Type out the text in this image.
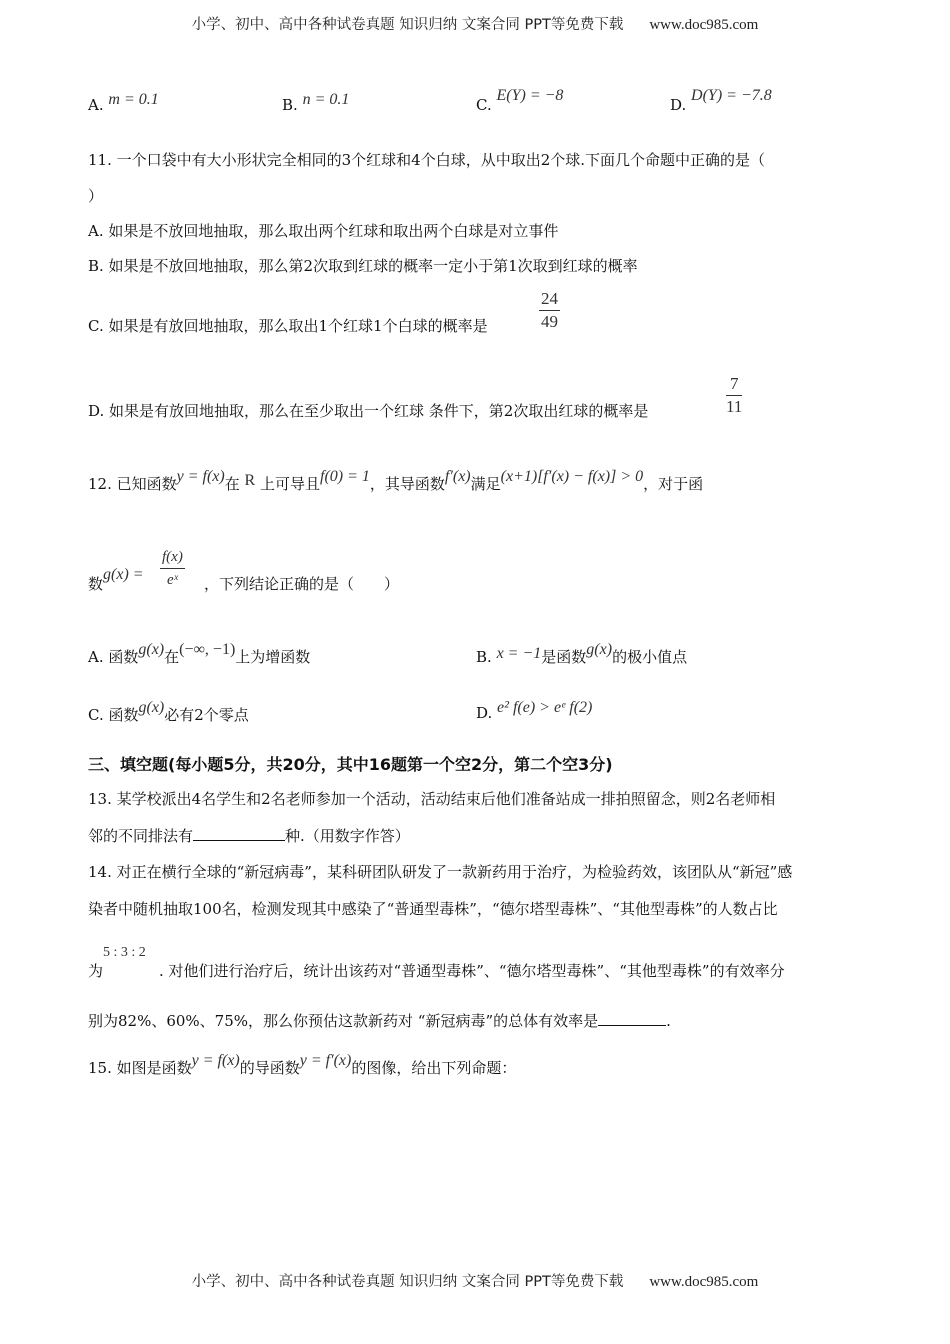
小学、初中、高中各种试卷真题 知识归纳 文案合同 PPT等免费下载 www.doc985.com
A. m = 0.1	B. n = 0.1	C. E(Y) = −8
D. D(Y) = −7.8
11. 一个口袋中有大小形状完全相同的3个红球和4个白球，从中取出2个球.下面几个命题中正确的是（
）
A. 如果是不放回地抽取，那么取出两个红球和取出两个白球是对立事件
B. 如果是不放回地抽取，那么第2次取到红球的概率一定小于第1次取到红球的概率
C. 如果是有放回地抽取，那么取出1个红球1个白球的概率是	$\frac{24}{49}$
D. 如果是有放回地抽取，那么在至少取出一个红球 条件下，第2次取出红球的概率是	$\frac{7}{11}$
12. 已知函数y = f(x)在 R 上可导且f(0) = 1，其导函数f′(x)满足(x+1)[f′(x) − f(x)] > 0，对于函
数$g(x) = \frac{f(x)}{\text{eˣ}}$ ，下列结论正确的是（　　）
A. 函数g(x)在(−∞, −1)上为增函数	B. x = −1是函数g(x)的极小值点
C. 函数g(x)必有2个零点	D. e² f(e) > eᵉ f(2)
三、填空题(每小题5分，共20分，其中16题第一个空2分，第二个空3分)
13. 某学校派出4名学生和2名老师参加一个活动，活动结束后他们准备站成一排拍照留念，则2名老师相
邻的不同排法有	种.（用数字作答）
14. 对正在横行全球的“新冠病毒”，某科研团队研发了一款新药用于治疗，为检验药效，该团队从“新冠”感
染者中随机抽取100名，检测发现其中感染了“普通型毒株”，“德尔塔型毒株”、“其他型毒株”的人数占比
为5 : 3 : 2. 对他们进行治疗后，统计出该药对“普通型毒株”、“德尔塔型毒株”、“其他型毒株”的有效率分
别为82%、60%、75%，那么你预估这款新药对 “新冠病毒”的总体有效率是	.
15. 如图是函数y = f(x)的导函数y = f′(x)的图像，给出下列命题：
小学、初中、高中各种试卷真题 知识归纳 文案合同 PPT等免费下载 www.doc985.com
